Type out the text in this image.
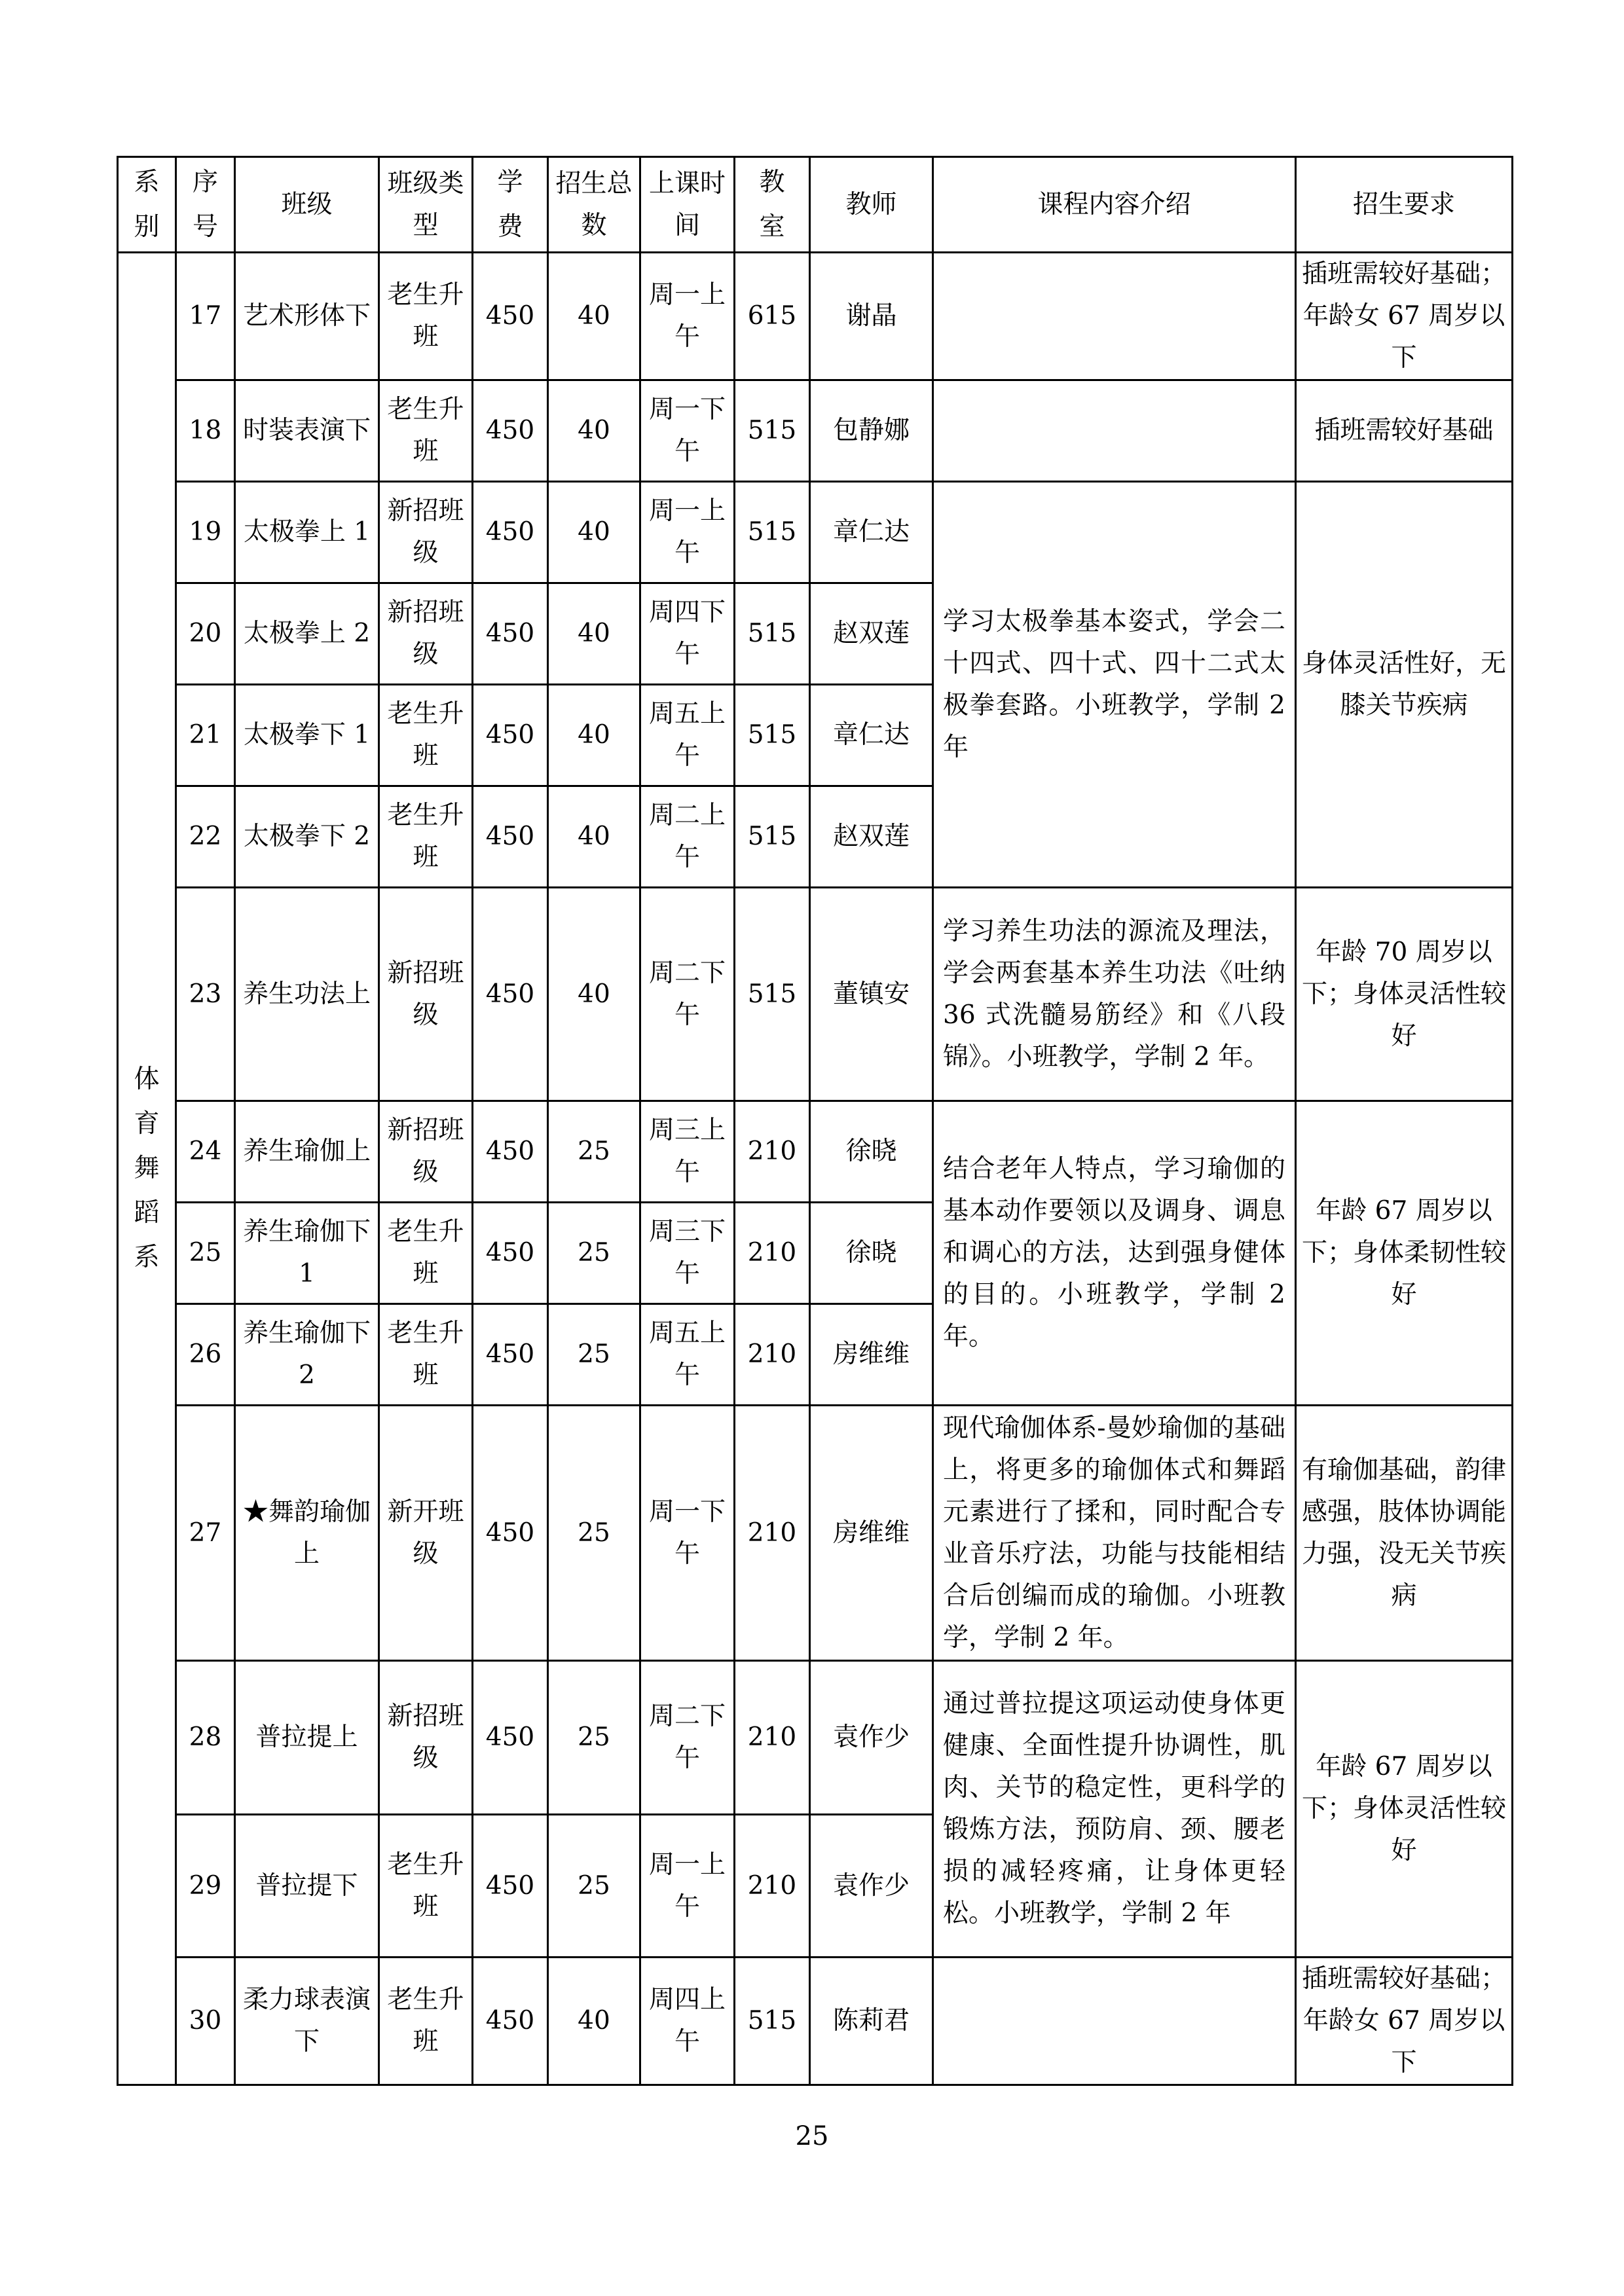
系别	序号	班级	班级类型	学费	招生总数	上课时间	教室	教师	课程内容介绍	招生要求
体育舞蹈系	17	艺术形体下	老生升班	450	40	周一上午	615	谢晶		插班需较好基础；年龄女 67 周岁以下
	18	时装表演下	老生升班	450	40	周一下午	515	包静娜		插班需较好基础
	19	太极拳上 1	新招班级	450	40	周一上午	515	章仁达	学习太极拳基本姿式，学会二十四式、四十式、四十二式太极拳套路。小班教学，学制 2 年	身体灵活性好，无膝关节疾病
	20	太极拳上 2	新招班级	450	40	周四下午	515	赵双莲		
	21	太极拳下 1	老生升班	450	40	周五上午	515	章仁达		
	22	太极拳下 2	老生升班	450	40	周二上午	515	赵双莲		
	23	养生功法上	新招班级	450	40	周二下午	515	董镇安	学习养生功法的源流及理法，学会两套基本养生功法《吐纳 36 式洗髓易筋经》和《八段锦》。小班教学，学制 2 年。	年龄 70 周岁以下；身体灵活性较好
	24	养生瑜伽上	新招班级	450	25	周三上午	210	徐晓	结合老年人特点，学习瑜伽的基本动作要领以及调身、调息和调心的方法，达到强身健体的目的。小班教学，学制 2 年。	年龄 67 周岁以下；身体柔韧性较好
	25	养生瑜伽下 1	老生升班	450	25	周三下午	210	徐晓		
	26	养生瑜伽下 2	老生升班	450	25	周五上午	210	房维维		
	27	★舞韵瑜伽上	新开班级	450	25	周一下午	210	房维维	现代瑜伽体系-曼妙瑜伽的基础上，将更多的瑜伽体式和舞蹈元素进行了揉和，同时配合专业音乐疗法，功能与技能相结合后创编而成的瑜伽。小班教学，学制 2 年。	有瑜伽基础，韵律感强，肢体协调能力强，没无关节疾病
	28	普拉提上	新招班级	450	25	周二下午	210	袁作少	通过普拉提这项运动使身体更健康、全面性提升协调性，肌肉、关节的稳定性，更科学的锻炼方法，预防肩、颈、腰老损的减轻疼痛，让身体更轻松。小班教学，学制 2 年	年龄 67 周岁以下；身体灵活性较好
	29	普拉提下	老生升班	450	25	周一上午	210	袁作少		
	30	柔力球表演下	老生升班	450	40	周四上午	515	陈莉君		插班需较好基础；年龄女 67 周岁以下
25
